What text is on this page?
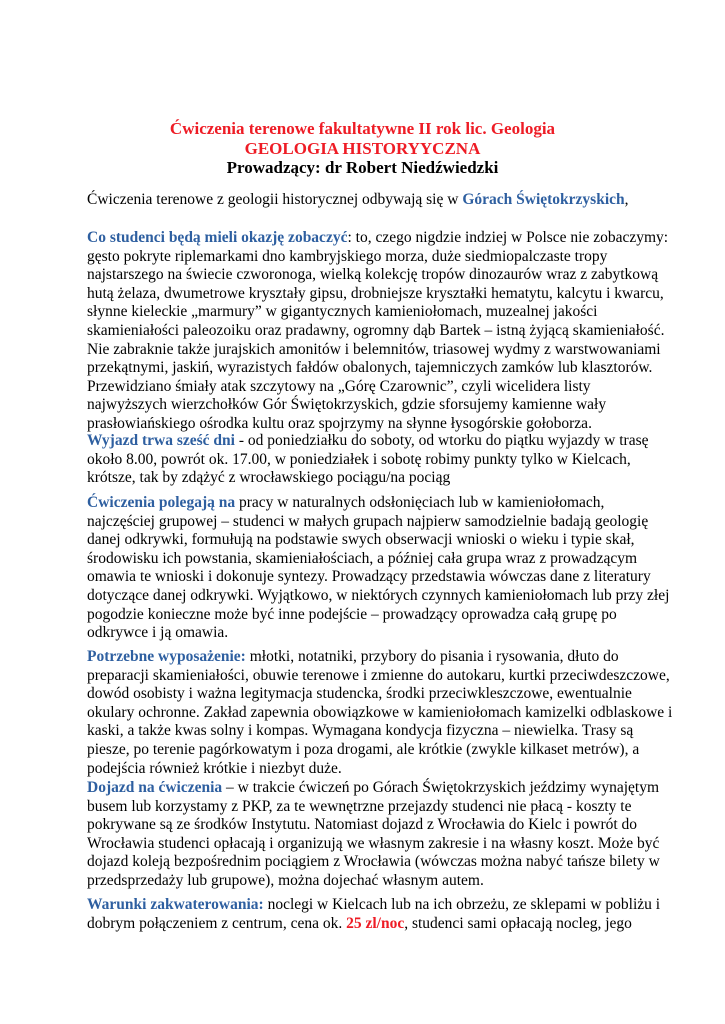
Ćwiczenia terenowe fakultatywne II rok lic. Geologia
GEOLOGIA HISTORYYCZNA
Prowadzący: dr Robert Niedźwiedzki

Ćwiczenia terenowe z geologii historycznej odbywają się w Górach Świętokrzyskich,

Co studenci będą mieli okazję zobaczyć: to, czego nigdzie indziej w Polsce nie zobaczymy:

gęsto pokryte riplemarkami dno kambryjskiego morza, duże siedmiopalczaste tropy

najstarszego na świecie czworonoga, wielką kolekcję tropów dinozaurów wraz z zabytkową

hutą żelaza, dwumetrowe kryształy gipsu, drobniejsze kryształki hematytu, kalcytu i kwarcu,

słynne kieleckie „marmury” w gigantycznych kamieniołomach, muzealnej jakości

skamieniałości paleozoiku oraz pradawny, ogromny dąb Bartek – istną żyjącą skamieniałość.

Nie zabraknie także jurajskich amonitów i belemnitów, triasowej wydmy z warstwowaniami

przekątnymi, jaskiń, wyrazistych fałdów obalonych, tajemniczych zamków lub klasztorów.

Przewidziano śmiały atak szczytowy na „Górę Czarownic”, czyli wicelidera listy

najwyższych wierzchołków Gór Świętokrzyskich, gdzie sforsujemy kamienne wały

prasłowiańskiego ośrodka kultu oraz spojrzymy na słynne łysogórskie gołoborza.

Wyjazd trwa sześć dni - od poniedziałku do soboty, od wtorku do piątku wyjazdy w trasę

około 8.00, powrót ok. 17.00, w poniedziałek i sobotę robimy punkty tylko w Kielcach,

krótsze, tak by zdążyć z wrocławskiego pociągu/na pociąg

Ćwiczenia polegają na pracy w naturalnych odsłonięciach lub w kamieniołomach,

najczęściej grupowej – studenci w małych grupach najpierw samodzielnie badają geologię

danej odkrywki, formułują na podstawie swych obserwacji wnioski o wieku i typie skał,

środowisku ich powstania, skamieniałościach, a później cała grupa wraz z prowadzącym

omawia te wnioski i dokonuje syntezy. Prowadzący przedstawia wówczas dane z literatury

dotyczące danej odkrywki. Wyjątkowo, w niektórych czynnych kamieniołomach lub przy złej

pogodzie konieczne może być inne podejście – prowadzący oprowadza całą grupę po

odkrywce i ją omawia.

Potrzebne wyposażenie: młotki, notatniki, przybory do pisania i rysowania, dłuto do

preparacji skamieniałości, obuwie terenowe i zmienne do autokaru, kurtki przeciwdeszczowe,

dowód osobisty i ważna legitymacja studencka, środki przeciwkleszczowe, ewentualnie

okulary ochronne. Zakład zapewnia obowiązkowe w kamieniołomach kamizelki odblaskowe i

kaski, a także kwas solny i kompas. Wymagana kondycja fizyczna – niewielka. Trasy są

piesze, po terenie pagórkowatym i poza drogami, ale krótkie (zwykle kilkaset metrów), a

podejścia również krótkie i niezbyt duże.

Dojazd na ćwiczenia – w trakcie ćwiczeń po Górach Świętokrzyskich jeździmy wynajętym

busem lub korzystamy z PKP, za te wewnętrzne przejazdy studenci nie płacą - koszty te

pokrywane są ze środków Instytutu. Natomiast dojazd z Wrocławia do Kielc i powrót do

Wrocławia studenci opłacają i organizują we własnym zakresie i na własny koszt. Może być

dojazd koleją bezpośrednim pociągiem z Wrocławia (wówczas można nabyć tańsze bilety w

przedsprzedaży lub grupowe), można dojechać własnym autem.

Warunki zakwaterowania: noclegi w Kielcach lub na ich obrzeżu, ze sklepami w pobliżu i

dobrym połączeniem z centrum, cena ok. 25 zl/noc, studenci sami opłacają nocleg, jego
